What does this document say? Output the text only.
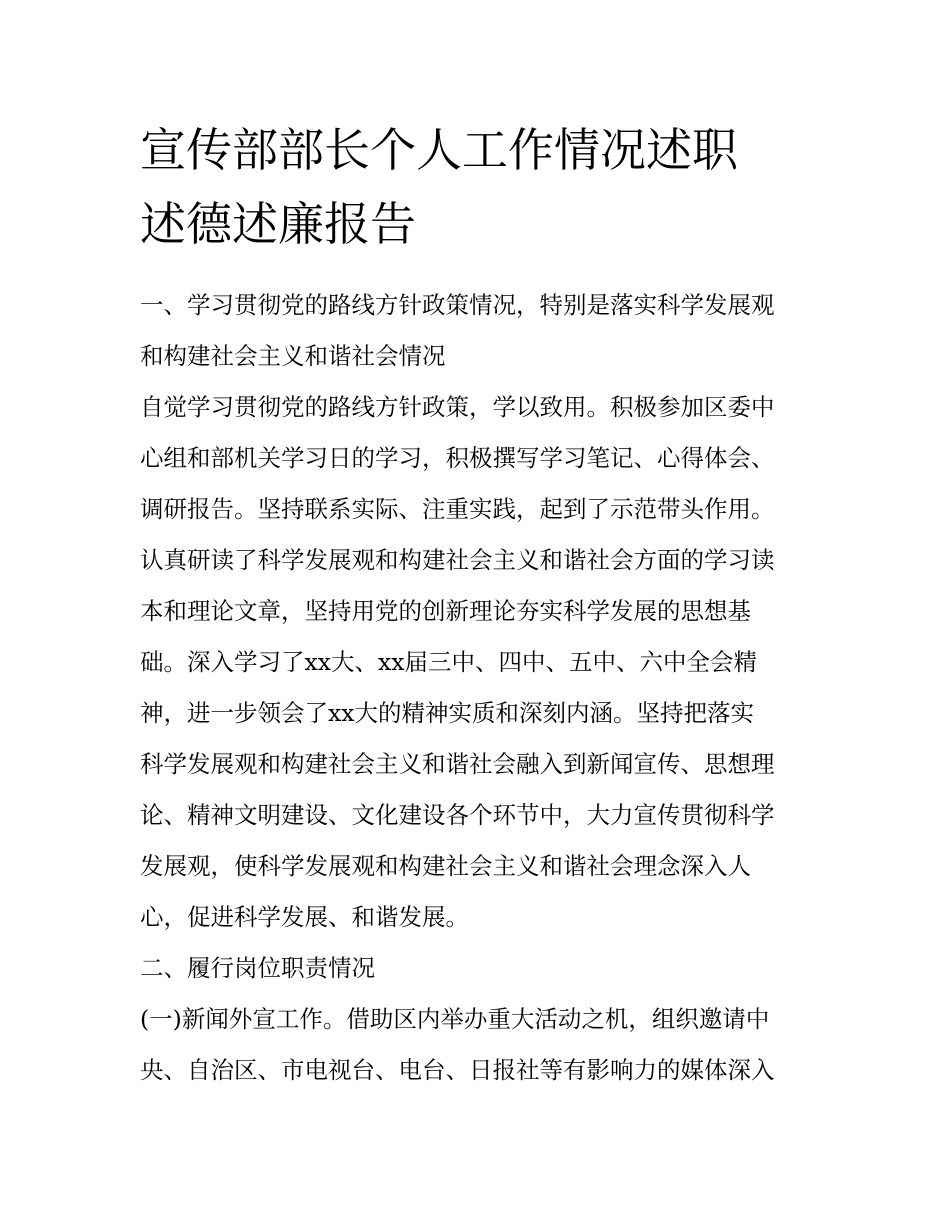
宣传部部长个人工作情况述职
述德述廉报告
一、学习贯彻党的路线方针政策情况，特别是落实科学发展观
和构建社会主义和谐社会情况
自觉学习贯彻党的路线方针政策，学以致用。积极参加区委中
心组和部机关学习日的学习，积极撰写学习笔记、心得体会、
调研报告。坚持联系实际、注重实践，起到了示范带头作用。
认真研读了科学发展观和构建社会主义和谐社会方面的学习读
本和理论文章，坚持用党的创新理论夯实科学发展的思想基
础。深入学习了xx大、xx届三中、四中、五中、六中全会精
神，进一步领会了xx大的精神实质和深刻内涵。坚持把落实
科学发展观和构建社会主义和谐社会融入到新闻宣传、思想理
论、精神文明建设、文化建设各个环节中，大力宣传贯彻科学
发展观，使科学发展观和构建社会主义和谐社会理念深入人
心，促进科学发展、和谐发展。
二、履行岗位职责情况
(一)新闻外宣工作。借助区内举办重大活动之机，组织邀请中
央、自治区、市电视台、电台、日报社等有影响力的媒体深入
